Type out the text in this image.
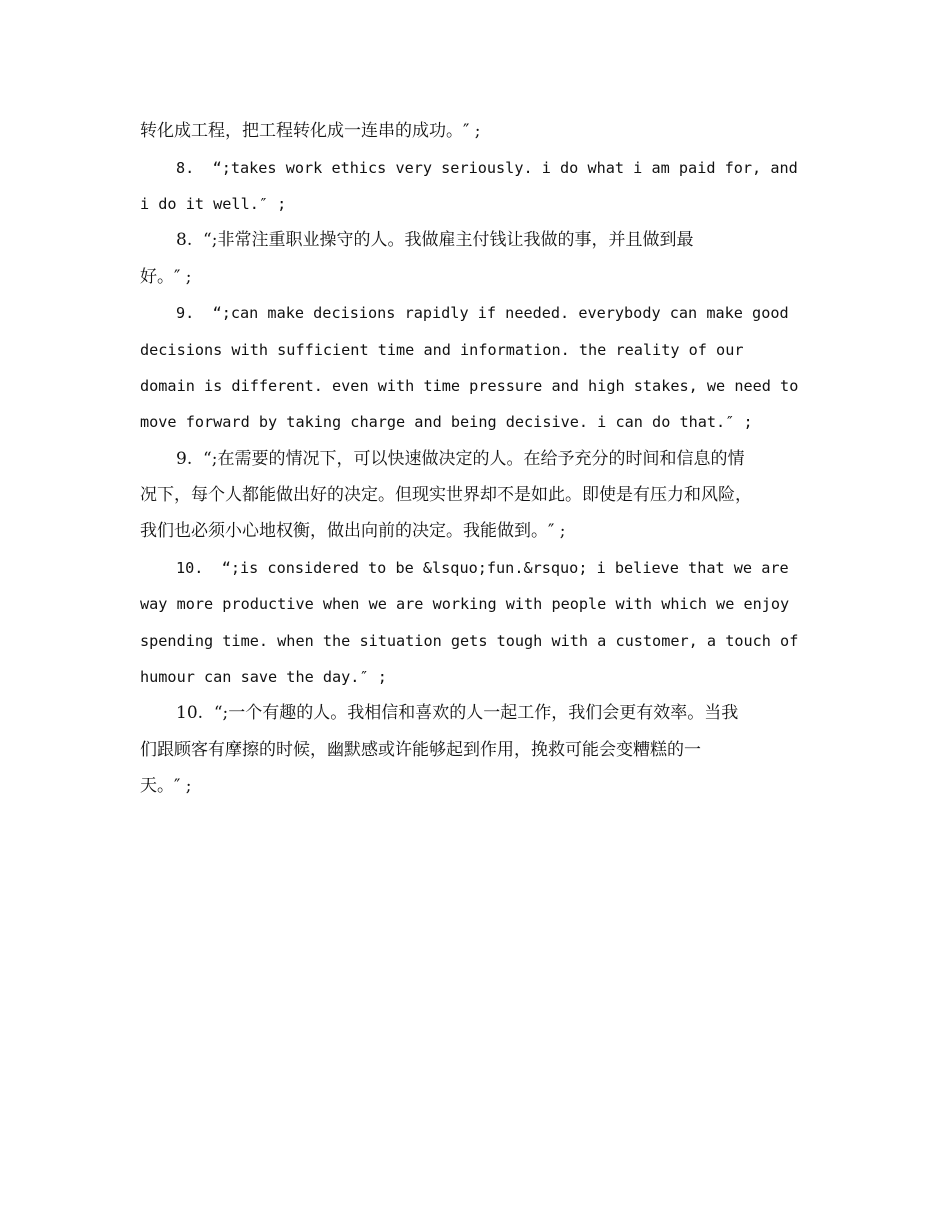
转化成工程，把工程转化成一连串的成功。″ ;
8.  “;takes work ethics very seriously. i do what i am paid for, and
i do it well.″ ;
8.  “;非常注重职业操守的人。我做雇主付钱让我做的事，并且做到最
好。″ ;
9.  “;can make decisions rapidly if needed. everybody can make good
decisions with sufficient time and information. the reality of our
domain is different. even with time pressure and high stakes, we need to
move forward by taking charge and being decisive. i can do that.″ ;
9.  “;在需要的情况下，可以快速做决定的人。在给予充分的时间和信息的情
况下，每个人都能做出好的决定。但现实世界却不是如此。即使是有压力和风险，
我们也必须小心地权衡，做出向前的决定。我能做到。″ ;
10.  “;is considered to be &lsquo;fun.&rsquo; i believe that we are
way more productive when we are working with people with which we enjoy
spending time. when the situation gets tough with a customer, a touch of
humour can save the day.″ ;
10.  “;一个有趣的人。我相信和喜欢的人一起工作，我们会更有效率。当我
们跟顾客有摩擦的时候，幽默感或许能够起到作用，挽救可能会变糟糕的一
天。″ ;
